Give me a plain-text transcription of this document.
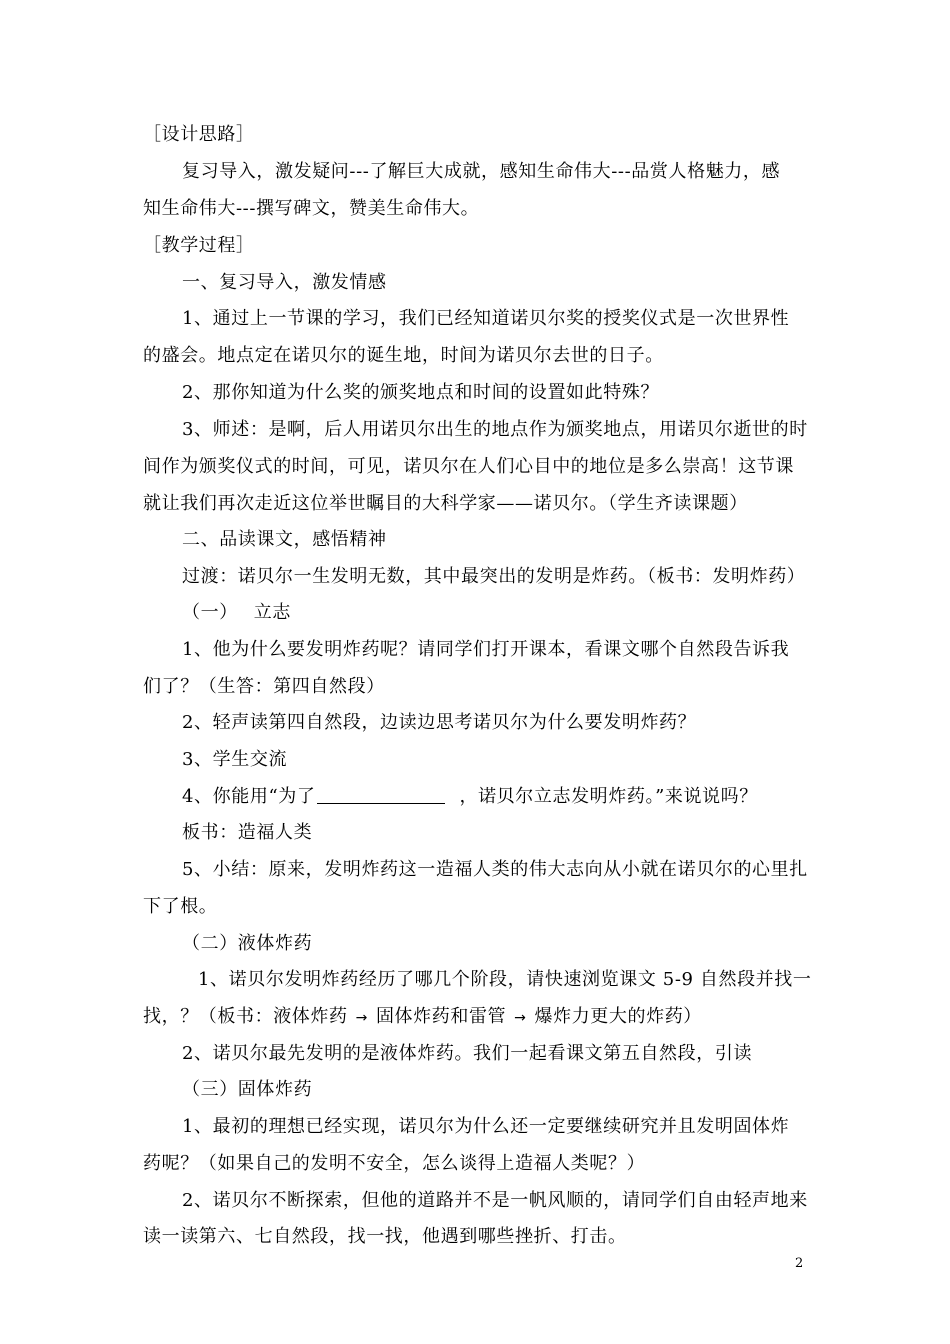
［设计思路］
复习导入，激发疑问---了解巨大成就，感知生命伟大---品赏人格魅力，感
知生命伟大---撰写碑文，赞美生命伟大。
［教学过程］
一、复习导入，激发情感
1、通过上一节课的学习，我们已经知道诺贝尔奖的授奖仪式是一次世界性
的盛会。地点定在诺贝尔的诞生地，时间为诺贝尔去世的日子。
2、那你知道为什么奖的颁奖地点和时间的设置如此特殊？
3、师述：是啊，后人用诺贝尔出生的地点作为颁奖地点，用诺贝尔逝世的时
间作为颁奖仪式的时间，可见，诺贝尔在人们心目中的地位是多么崇高！这节课
就让我们再次走近这位举世瞩目的大科学家——诺贝尔。（学生齐读课题）
二、品读课文，感悟精神
过渡：诺贝尔一生发明无数，其中最突出的发明是炸药。（板书：发明炸药）
（一）　 立志
1、他为什么要发明炸药呢？请同学们打开课本，看课文哪个自然段告诉我
们了？（生答：第四自然段）
2、轻声读第四自然段，边读边思考诺贝尔为什么要发明炸药？
3、学生交流
4、你能用“为了	，诺贝尔立志发明炸药。”来说说吗？
板书：造福人类
5、小结：原来，发明炸药这一造福人类的伟大志向从小就在诺贝尔的心里扎
下了根。
（二）液体炸药
1、诺贝尔发明炸药经历了哪几个阶段，请快速浏览课文 5-9 自然段并找一
找，？（板书：液体炸药 → 固体炸药和雷管 → 爆炸力更大的炸药）
2、诺贝尔最先发明的是液体炸药。我们一起看课文第五自然段，引读
（三）固体炸药
1、最初的理想已经实现，诺贝尔为什么还一定要继续研究并且发明固体炸
药呢？（如果自己的发明不安全，怎么谈得上造福人类呢？）
2、诺贝尔不断探索，但他的道路并不是一帆风顺的，请同学们自由轻声地来
读一读第六、七自然段，找一找，他遇到哪些挫折、打击。
2
